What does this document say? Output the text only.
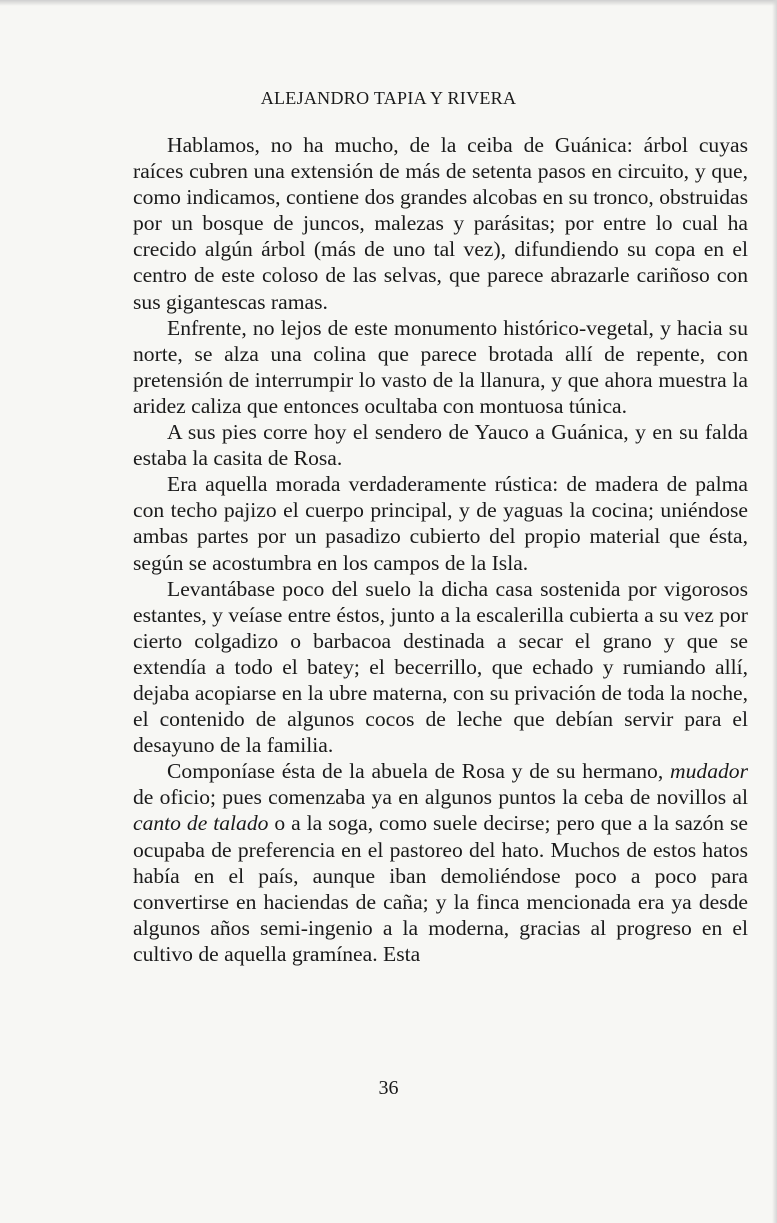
ALEJANDRO TAPIA Y RIVERA

Hablamos, no ha mucho, de la ceiba de Guánica: árbol cuyas raíces cubren una extensión de más de setenta pasos en circuito, y que, como indicamos, contiene dos grandes alcobas en su tronco, obstruidas por un bosque de juncos, malezas y parásitas; por entre lo cual ha crecido algún árbol (más de uno tal vez), difundiendo su copa en el centro de este coloso de las selvas, que parece abrazarle cariñoso con sus gigantescas ramas.

Enfrente, no lejos de este monumento histórico-vegetal, y hacia su norte, se alza una colina que parece brotada allí de repente, con pretensión de interrumpir lo vasto de la llanura, y que ahora muestra la aridez caliza que entonces ocultaba con montuosa túnica.

A sus pies corre hoy el sendero de Yauco a Guánica, y en su falda estaba la casita de Rosa.

Era aquella morada verdaderamente rústica: de madera de palma con techo pajizo el cuerpo principal, y de yaguas la cocina; uniéndose ambas partes por un pasadizo cubierto del propio material que ésta, según se acostumbra en los campos de la Isla.

Levantábase poco del suelo la dicha casa sostenida por vigorosos estantes, y veíase entre éstos, junto a la escalerilla cubierta a su vez por cierto colgadizo o barbacoa destinada a secar el grano y que se extendía a todo el batey; el becerrillo, que echado y rumiando allí, dejaba acopiarse en la ubre materna, con su privación de toda la noche, el contenido de algunos cocos de leche que debían servir para el desayuno de la familia.

Componíase ésta de la abuela de Rosa y de su hermano, mudador de oficio; pues comenzaba ya en algunos puntos la ceba de novillos al canto de talado o a la soga, como suele decirse; pero que a la sazón se ocupaba de preferencia en el pastoreo del hato. Muchos de estos hatos había en el país, aunque iban demoliéndose poco a poco para convertirse en haciendas de caña; y la finca mencionada era ya desde algunos años semi-ingenio a la moderna, gracias al progreso en el cultivo de aquella gramínea. Esta

36
